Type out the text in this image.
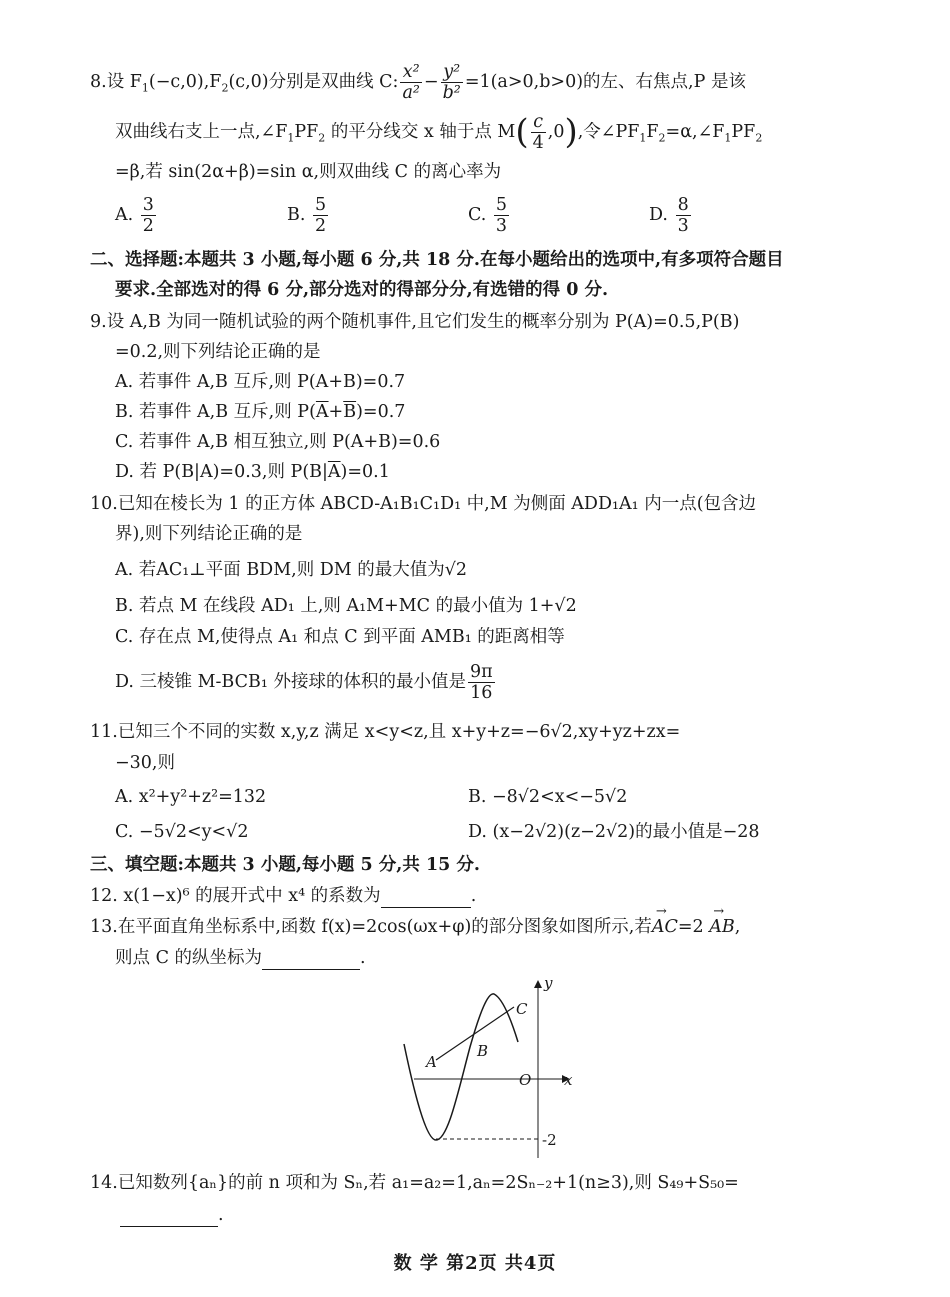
8.设 $F_1(-c,0),F_2(c,0)$分别是双曲线 C: $\frac{\text{x²}}{\text{a²}} - \frac{\text{y²}}{\text{b²}} =1(a>0,b>0)$的左、右焦点,P 是该
双曲线右支上一点$,\angle F_1PF_2$ 的平分线交 x 轴于点 $M( \frac{c}{4} ,0)$,令$\angle PF_1F_2=\alpha,\angle F_1PF_2$
=β,若 sin(2α+β)=sin α,则双曲线 C 的离心率为
A. $\frac{3}{2}$	B. $\frac{5}{2}$	C. $\frac{5}{3}$	D. $\frac{8}{3}$
二、选择题:本题共 3 小题,每小题 6 分,共 18 分.在每小题给出的选项中,有多项符合题目
要求.全部选对的得 6 分,部分选对的得部分分,有选错的得 0 分.
9.设 A,B 为同一随机试验的两个随机事件,且它们发生的概率分别为 P(A)=0.5,P(B)
=0.2,则下列结论正确的是
A. 若事件 A,B 互斥,则 P(A+B)=0.7
B. 若事件 A,B 互斥,则 $P(\overline{A}+\overline{B})=0.7$
C. 若事件 A,B 相互独立,则 P(A+B)=0.6
D. 若 P(B|A)=0.3,则 $P(B|\overline{A})=0.1$
10.已知在棱长为 1 的正方体 ABCD-A₁B₁C₁D₁ 中,M 为侧面 ADD₁A₁ 内一点(包含边
界),则下列结论正确的是
A. 若AC₁⊥平面 BDM,则 DM 的最大值为√2
B. 若点 M 在线段 AD₁ 上,则 A₁M+MC 的最小值为 1+√2
C. 存在点 M,使得点 A₁ 和点 C 到平面 AMB₁ 的距离相等
D. 三棱锥 M-BCB₁ 外接球的体积的最小值是 $\frac{9\pi}{16}$
11.已知三个不同的实数 x,y,z 满足 x<y<z,且 x+y+z=−6√2,xy+yz+zx=
−30,则
A. x²+y²+z²=132	B. −8√2<x<−5√2
C. −5√2<y<√2	D. (x−2√2)(z−2√2)的最小值是−28
三、填空题:本题共 3 小题,每小题 5 分,共 15 分.
12. x(1−x)⁶ 的展开式中 x⁴ 的系数为	.
13.在平面直角坐标系中,函数 f(x)=2cos(ωx+φ)的部分图象如图所示,若→ AC=2 → AB,
则点 C 的纵坐标为	.
y
x
O
A
B
C
-2
14.已知数列{aₙ}的前 n 项和为 Sₙ,若 a₁=a₂=1,aₙ=2Sₙ₋₂+1(n≥3),则 S₄₉+S₅₀=
.
数 学 第2页 共4页
